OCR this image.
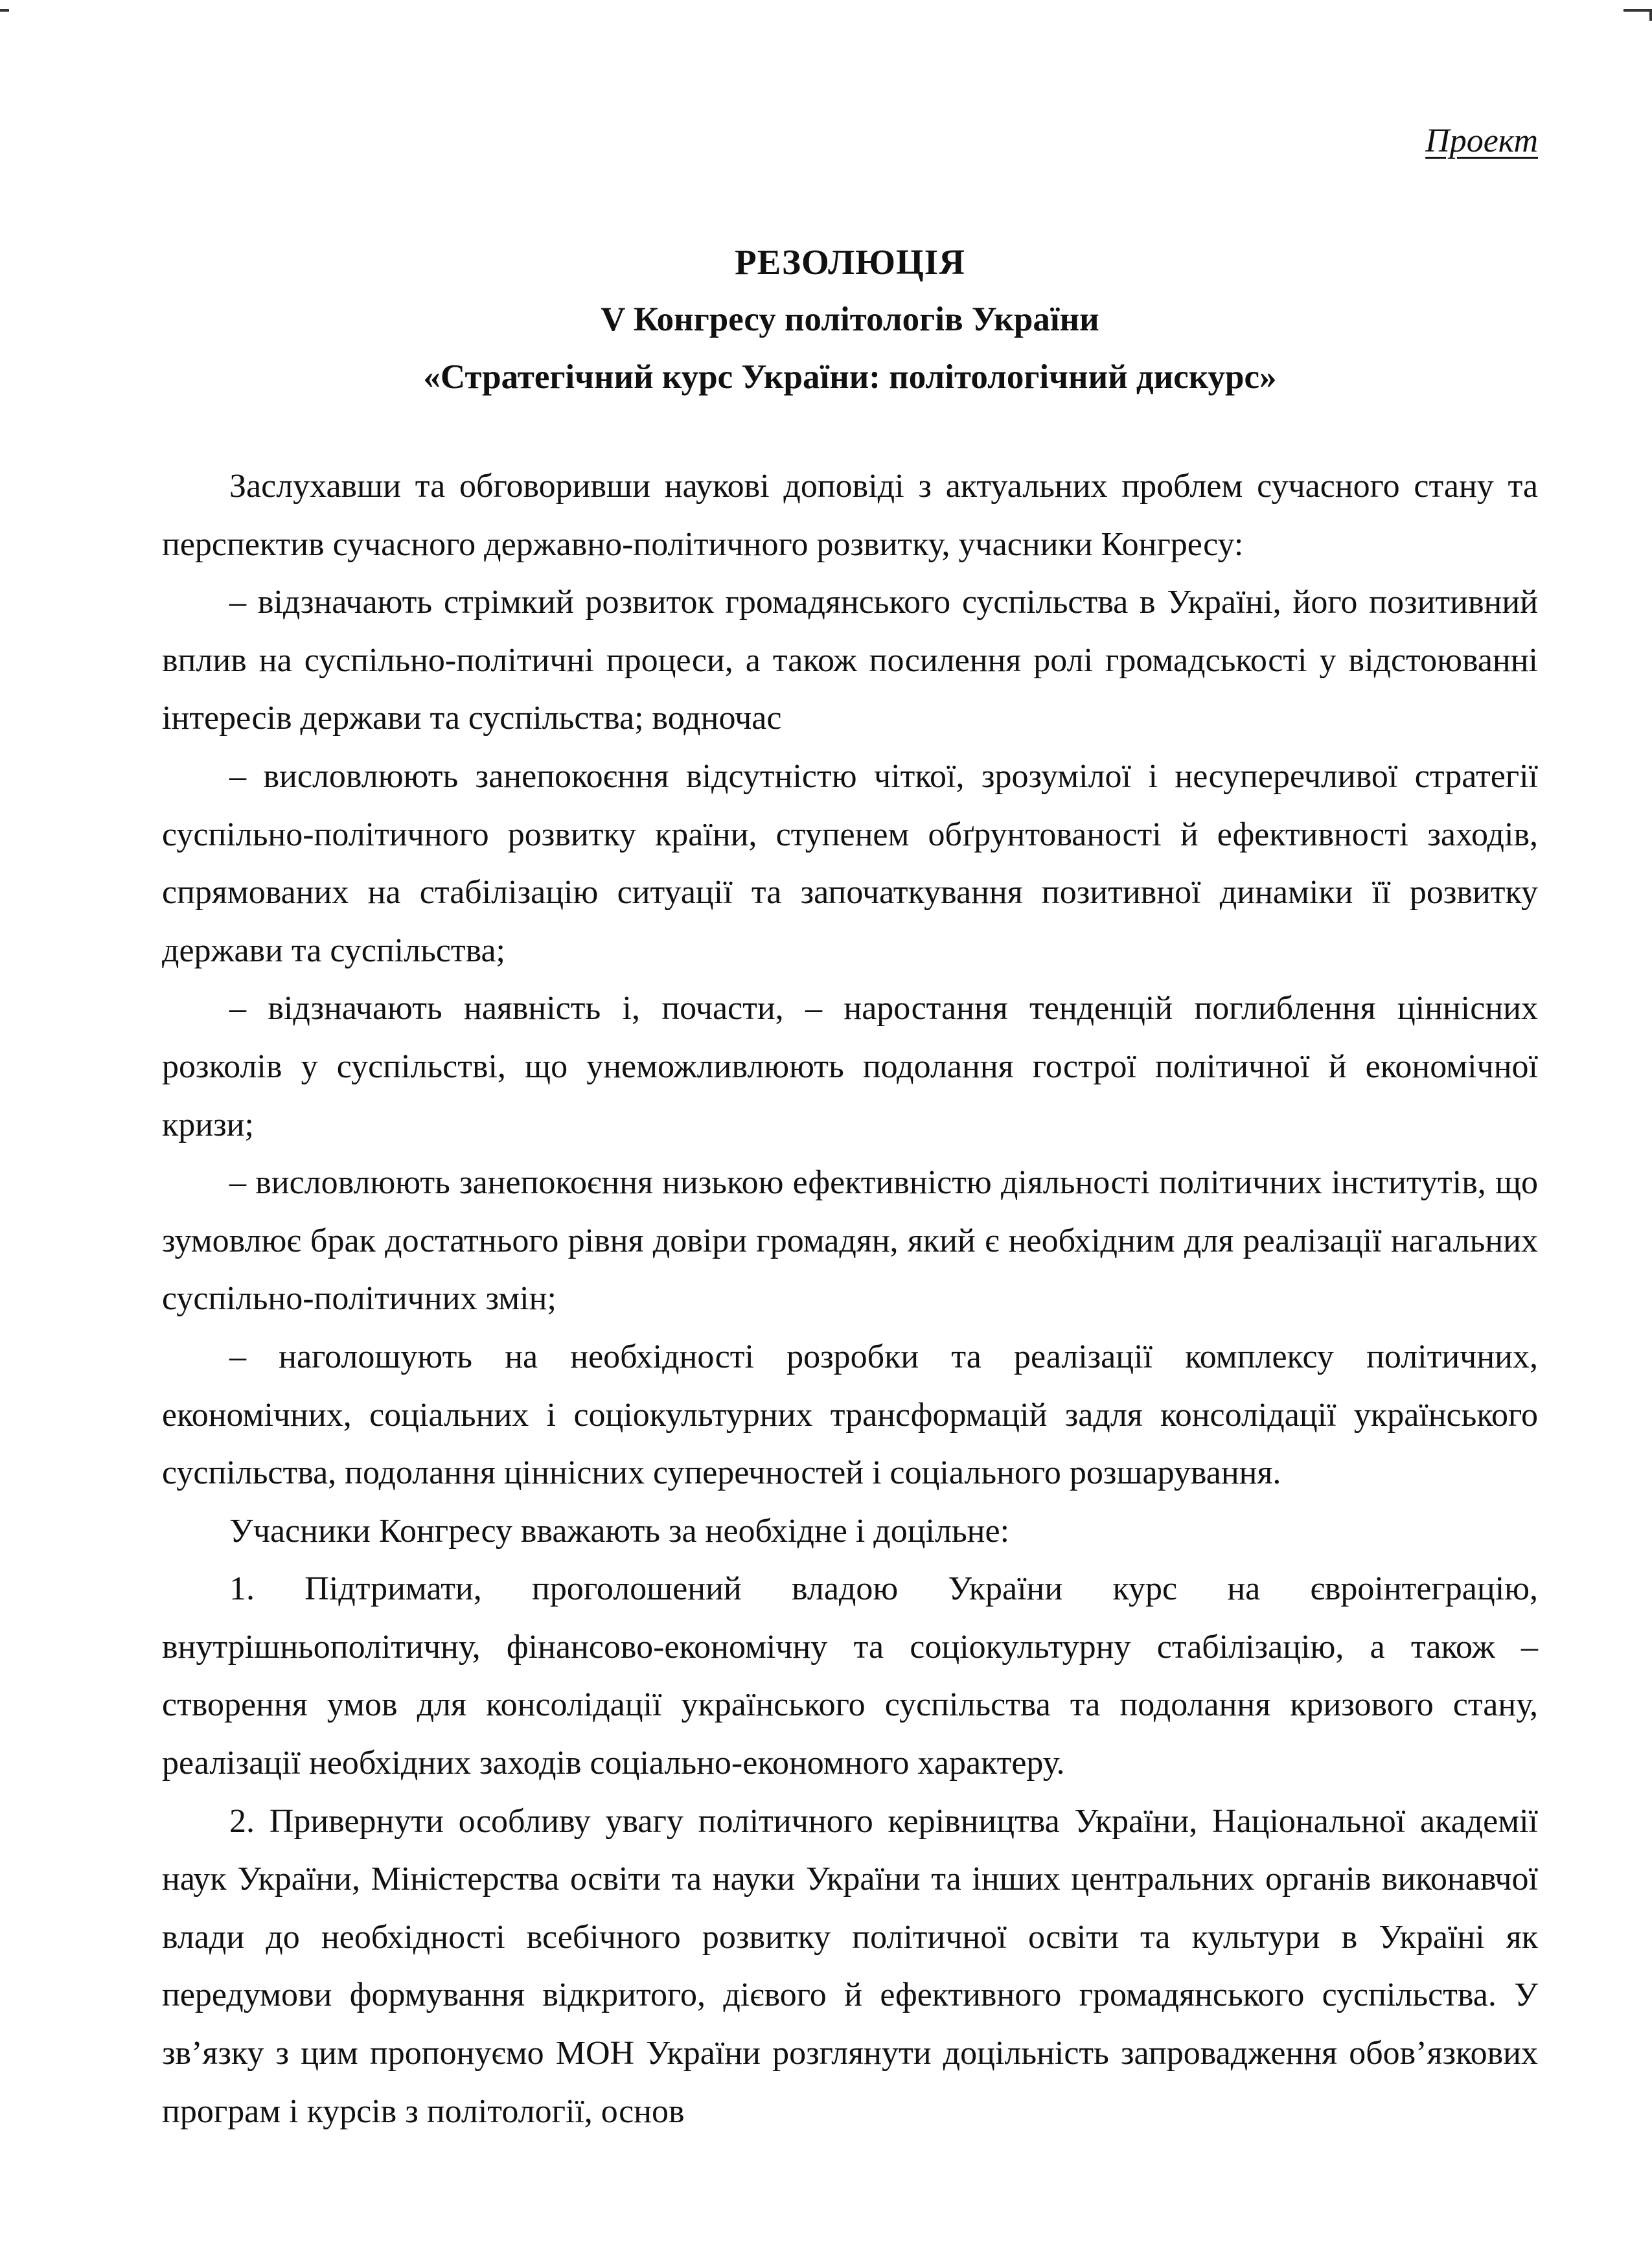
Проект
РЕЗОЛЮЦІЯ
V Конгресу політологів України
«Стратегічний курс України: політологічний дискурс»

Заслухавши та обговоривши наукові доповіді з актуальних проблем сучасного стану та перспектив сучасного державно-політичного розвитку, учасники Конгресу:

– відзначають стрімкий розвиток громадянського суспільства в Україні, його позитивний вплив на суспільно-політичні процеси, а також посилення ролі громадськості у відстоюванні інтересів держави та суспільства; водночас

– висловлюють занепокоєння відсутністю чіткої, зрозумілої і несуперечливої стратегії суспільно-політичного розвитку країни, ступенем обґрунтованості й ефективності заходів, спрямованих на стабілізацію ситуації та започаткування позитивної динаміки її розвитку держави та суспільства;

– відзначають наявність і, почасти, – наростання тенденцій поглиблення ціннісних розколів у суспільстві, що унеможливлюють подолання гострої політичної й економічної кризи;

– висловлюють занепокоєння низькою ефективністю діяльності політичних інститутів, що зумовлює брак достатнього рівня довіри громадян, який є необхідним для реалізації нагальних суспільно-політичних змін;

– наголошують на необхідності розробки та реалізації комплексу політичних, економічних, соціальних і соціокультурних трансформацій задля консолідації українського суспільства, подолання ціннісних суперечностей і соціального розшарування.

Учасники Конгресу вважають за необхідне і доцільне:

1. Підтримати, проголошений владою України курс на євроінтеграцію, внутрішньополітичну, фінансово-економічну та соціокультурну стабілізацію, а також – створення умов для консолідації українського суспільства та подолання кризового стану, реалізації необхідних заходів соціально-економного характеру.

2. Привернути особливу увагу політичного керівництва України, Національної академії наук України, Міністерства освіти та науки України та інших центральних органів виконавчої влади до необхідності всебічного розвитку політичної освіти та культури в Україні як передумови формування відкритого, дієвого й ефективного громадянського суспільства. У зв’язку з цим пропонуємо МОН України розглянути доцільність запровадження обов’язкових програм і курсів з політології, основ
